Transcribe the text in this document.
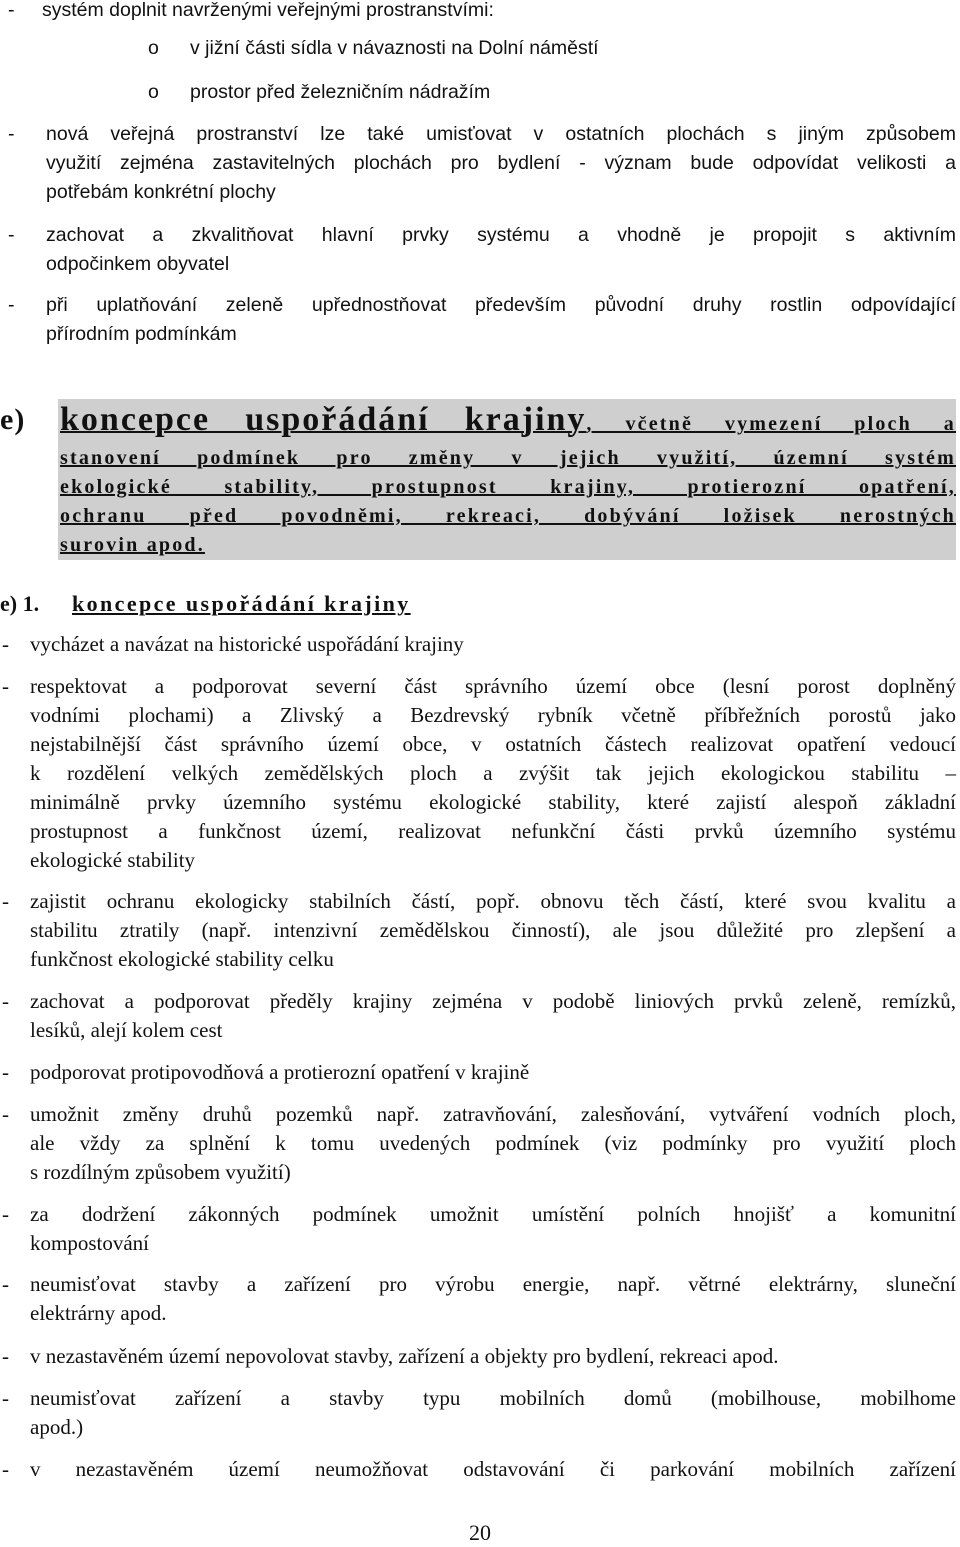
-	systém doplnit navrženými veřejnými prostranstvími:
o v jižní části sídla v návaznosti na Dolní náměstí
o prostor před železničním nádražím
-	nová veřejná prostranství lze také umisťovat v ostatních plochách s jiným způsobem
využití zejména zastavitelných plochách pro bydlení - význam bude odpovídat velikosti a
potřebám konkrétní plochy
-	zachovat a zkvalitňovat hlavní prvky systému a vhodně je propojit s aktivním
odpočinkem obyvatel
-	při uplatňování zeleně upřednostňovat především původní druhy rostlin odpovídající
přírodním podmínkám
e) koncepce uspořádání krajiny, včetně vymezení ploch a
stanovení podmínek pro změny v jejich využití, územní systém
ekologické stability, prostupnost krajiny, protierozní opatření,
ochranu před povodněmi, rekreaci, dobývání ložisek nerostných
surovin apod.
e) 1. koncepce uspořádání krajiny
-	vycházet a navázat na historické uspořádání krajiny
-	respektovat a podporovat severní část správního území obce (lesní porost doplněný
vodními plochami) a Zlivský a Bezdrevský rybník včetně příbřežních porostů jako
nejstabilnější část správního území obce, v ostatních částech realizovat opatření vedoucí
k rozdělení velkých zemědělských ploch a zvýšit tak jejich ekologickou stabilitu –
minimálně prvky územního systému ekologické stability, které zajistí alespoň základní
prostupnost a funkčnost území, realizovat nefunkční části prvků územního systému
ekologické stability
-	zajistit ochranu ekologicky stabilních částí, popř. obnovu těch částí, které svou kvalitu a
stabilitu ztratily (např. intenzivní zemědělskou činností), ale jsou důležité pro zlepšení a
funkčnost ekologické stability celku
-	zachovat a podporovat předěly krajiny zejména v podobě liniových prvků zeleně, remízků,
lesíků, alejí kolem cest
-	podporovat protipovodňová a protierozní opatření v krajině
-	umožnit změny druhů pozemků např. zatravňování, zalesňování, vytváření vodních ploch,
ale vždy za splnění k tomu uvedených podmínek (viz podmínky pro využití ploch
s rozdílným způsobem využití)
-	za dodržení zákonných podmínek umožnit umístění polních hnojišť a komunitní
kompostování
-	neumisťovat stavby a zařízení pro výrobu energie, např. větrné elektrárny, sluneční
elektrárny apod.
-	v nezastavěném území nepovolovat stavby, zařízení a objekty pro bydlení, rekreaci apod.
-	neumisťovat zařízení a stavby typu mobilních domů (mobilhouse, mobilhome
apod.)
-	v nezastavěném území neumožňovat odstavování či parkování mobilních zařízení
20
